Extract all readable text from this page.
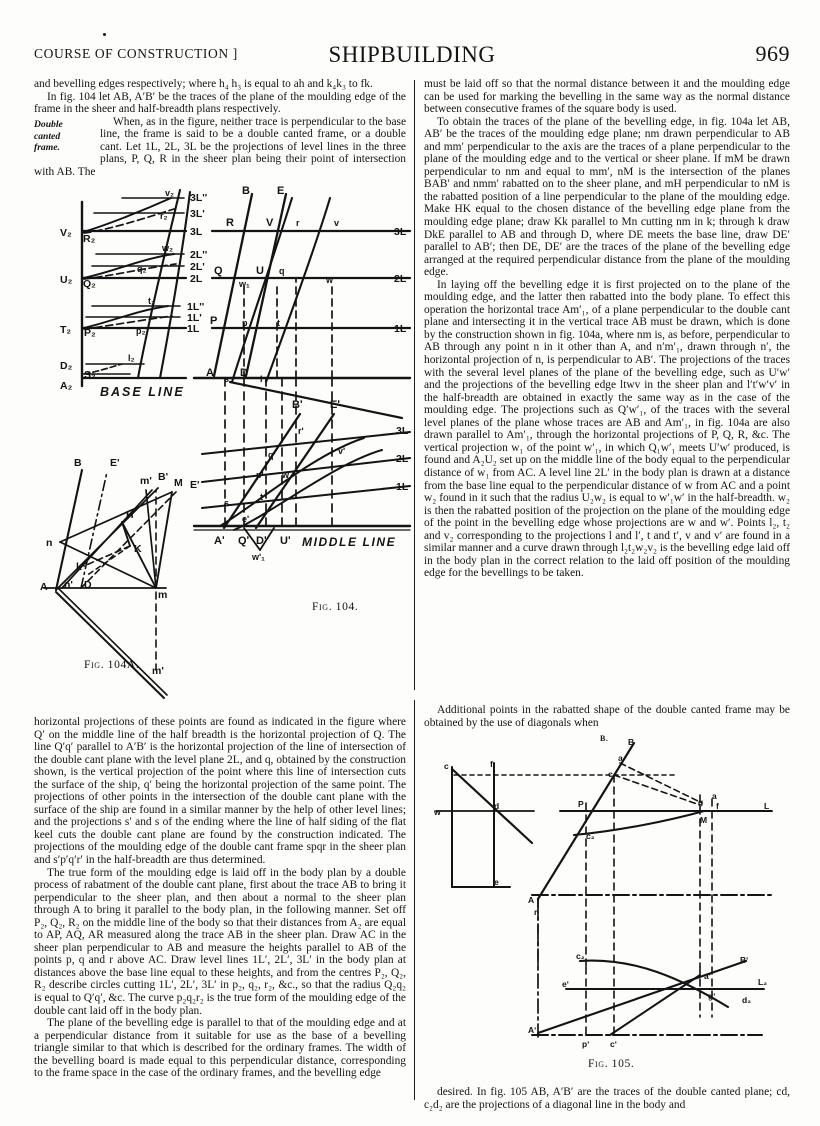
COURSE OF CONSTRUCTION ]	SHIPBUILDING	969

and bevelling edges respectively; where h₄ h₃ is equal to ah and k₄k₃ to fk.

In fig. 104 let AB, A′B′ be the traces of the plane of the moulding edge of the frame in the sheer and half-breadth plans respectively.

When, as in the figure, neither trace is perpendicular to the base line, the frame is said to be a double canted frame, or a double cant. Let 1L, 2L, 3L be the projections of level lines in the three plans, P, Q, R in the sheer plan being their point of intersection with AB. The

Double
canted
frame.

must be laid off so that the normal distance between it and the moulding edge can be used for marking the bevelling in the same way as the normal distance between consecutive frames of the square body is used.

To obtain the traces of the plane of the bevelling edge, in fig. 104a let AB, AB′ be the traces of the moulding edge plane; nm drawn perpendicular to AB and mm′ perpendicular to the axis are the traces of a plane perpendicular to the plane of the moulding edge and to the vertical or sheer plane. If mM be drawn perpendicular to nm and equal to mm′, nM is the intersection of the planes BAB′ and nmm′ rabatted on to the sheer plane, and mH perpendicular to nM is the rabatted position of a line perpendicular to the plane of the moulding edge. Make HK equal to the chosen distance of the bevelling edge plane from the moulding edge plane; draw Kk parallel to Mn cutting nm in k; through k draw DkE parallel to AB and through D, where DE meets the base line, draw DE′ parallel to AB′; then DE, DE′ are the traces of the plane of the bevelling edge arranged at the required perpendicular distance from the plane of the moulding edge.

In laying off the bevelling edge it is first projected on to the plane of the moulding edge, and the latter then rabatted into the body plane. To effect this operation the horizontal trace Am′₁, of a plane perpendicular to the double cant plane and intersecting it in the vertical trace AB must be drawn, which is done by the construction shown in fig. 104a, where nm is, as before, perpendicular to AB through any point n in it other than A, and n′m′₁, drawn through n′, the horizontal projection of n, is perpendicular to AB′. The projections of the traces with the several level planes of the plane of the bevelling edge, such as U′w′ and the projections of the bevelling edge ltwv in the sheer plan and l′t′w′v′ in the half-breadth are obtained in exactly the same way as in the case of the moulding edge. The projections such as Q′w′₁, of the traces with the several level planes of the plane whose traces are AB and Am′₁, in fig. 104a are also drawn parallel to Am′₁, through the horizontal projections of P, Q, R, &c. The vertical projection w₁ of the point w′₁, in which Q₁w′₁ meets U′w′ produced, is found and A₂U₂ set up on the middle line of the body equal to the perpendicular distance of w₁ from AC. A level line 2L′ in the body plan is drawn at a distance from the base line equal to the perpendicular distance of w from AC and a point w₂ found in it such that the radius U₂w₂ is equal to w′₁w′ in the half-breadth. w₂ is then the rabatted position of the projection on the plane of the moulding edge of the point in the bevelling edge whose projections are w and w′. Points l₂, t₂ and v₂ corresponding to the projections l and l′, t and t′, v and v′ are found in a similar manner and a curve drawn through l₂t₂w₂v₂ is the bevelling edge laid off in the body plan in the correct relation to the laid off position of the moulding edge for the bevellings to be taken.

Additional points in the rabatted shape of the double canted frame may be obtained by the use of diagonals when

B.
V₂ R₂
U₂ Q₂
T₂ P₂
D₂
S₂
A₂
v₂
r₂
w₂
q₂
t₂
p₂
l₂
3Lʹʹ
3Lʹ
3L
2Lʹʹ
2Lʹ
2L
1Lʹʹ
1Lʹ
1L
B E
R	V
Q	U
P
A D
r	v
q
w
w₁
p	t
s	l
3L
2L
1L
Bʹ Eʹ
Aʹ Qʹ Dʹ Uʹ
rʹ
qʹ	vʹ
w
pʹ
t
s
eʹ
wʹ₁
3L
2L
1L
BASE LINE
MIDDLE LINE
Fig. 104.
B	Eʹ
mʹ Bʹ M Eʹ
H
K
n
k
A nʹ D
m
mʹ
Fig. 104A.

horizontal projections of these points are found as indicated in the figure where Q′ on the middle line of the half breadth is the horizontal projection of Q. The line Q′q′ parallel to A′B′ is the horizontal projection of the line of intersection of the double cant plane with the level plane 2L, and q, obtained by the construction shown, is the vertical projection of the point where this line of intersection cuts the surface of the ship, q′ being the horizontal projection of the same point. The projections of other points in the intersection of the double cant plane with the surface of the ship are found in a similar manner by the help of other level lines; and the projections s′ and s of the ending where the line of half siding of the flat keel cuts the double cant plane are found by the construction indicated. The projections of the moulding edge of the double cant frame spqr in the sheer plan and s′p′q′r′ in the half-breadth are thus determined.

The true form of the moulding edge is laid off in the body plan by a double process of rabatment of the double cant plane, first about the trace AB to bring it perpendicular to the sheer plan, and then about a normal to the sheer plan through A to bring it parallel to the body plan, in the following manner. Set off P₂, Q₂, R₂ on the middle line of the body so that their distances from A₂ are equal to AP, AQ, AR measured along the trace AB in the sheer plan. Draw AC in the sheer plan perpendicular to AB and measure the heights parallel to AB of the points p, q and r above AC. Draw level lines 1L′, 2L′, 3L′ in the body plan at distances above the base line equal to these heights, and from the centres P₂, Q₂, R₂ describe circles cutting 1L′, 2L′, 3L′ in p₂, q₂, r₂, &c., so that the radius Q₂q₂ is equal to Q′q′, &c. The curve p₂q₂r₂ is the true form of the moulding edge of the double cant laid off in the body plan.

The plane of the bevelling edge is parallel to that of the moulding edge and at a perpendicular distance from it suitable for use as the base of a bevelling triangle similar to that which is described for the ordinary frames. The width of the bevelling board is made equal to this perpendicular distance, corresponding to the frame space in the case of the ordinary frames, and the bevelling edge

c	f
w
d
e
B
a
c
P
c₂
g
a
M
f	L
A
r
c₂	Bʹ
eʹ
aʹ
gʹ	d₂
L₂
Aʹ
pʹ cʹ
Fig. 105.

desired. In fig. 105 AB, A′B′ are the traces of the double canted plane; cd, c₂d₂ are the projections of a diagonal line in the body and
